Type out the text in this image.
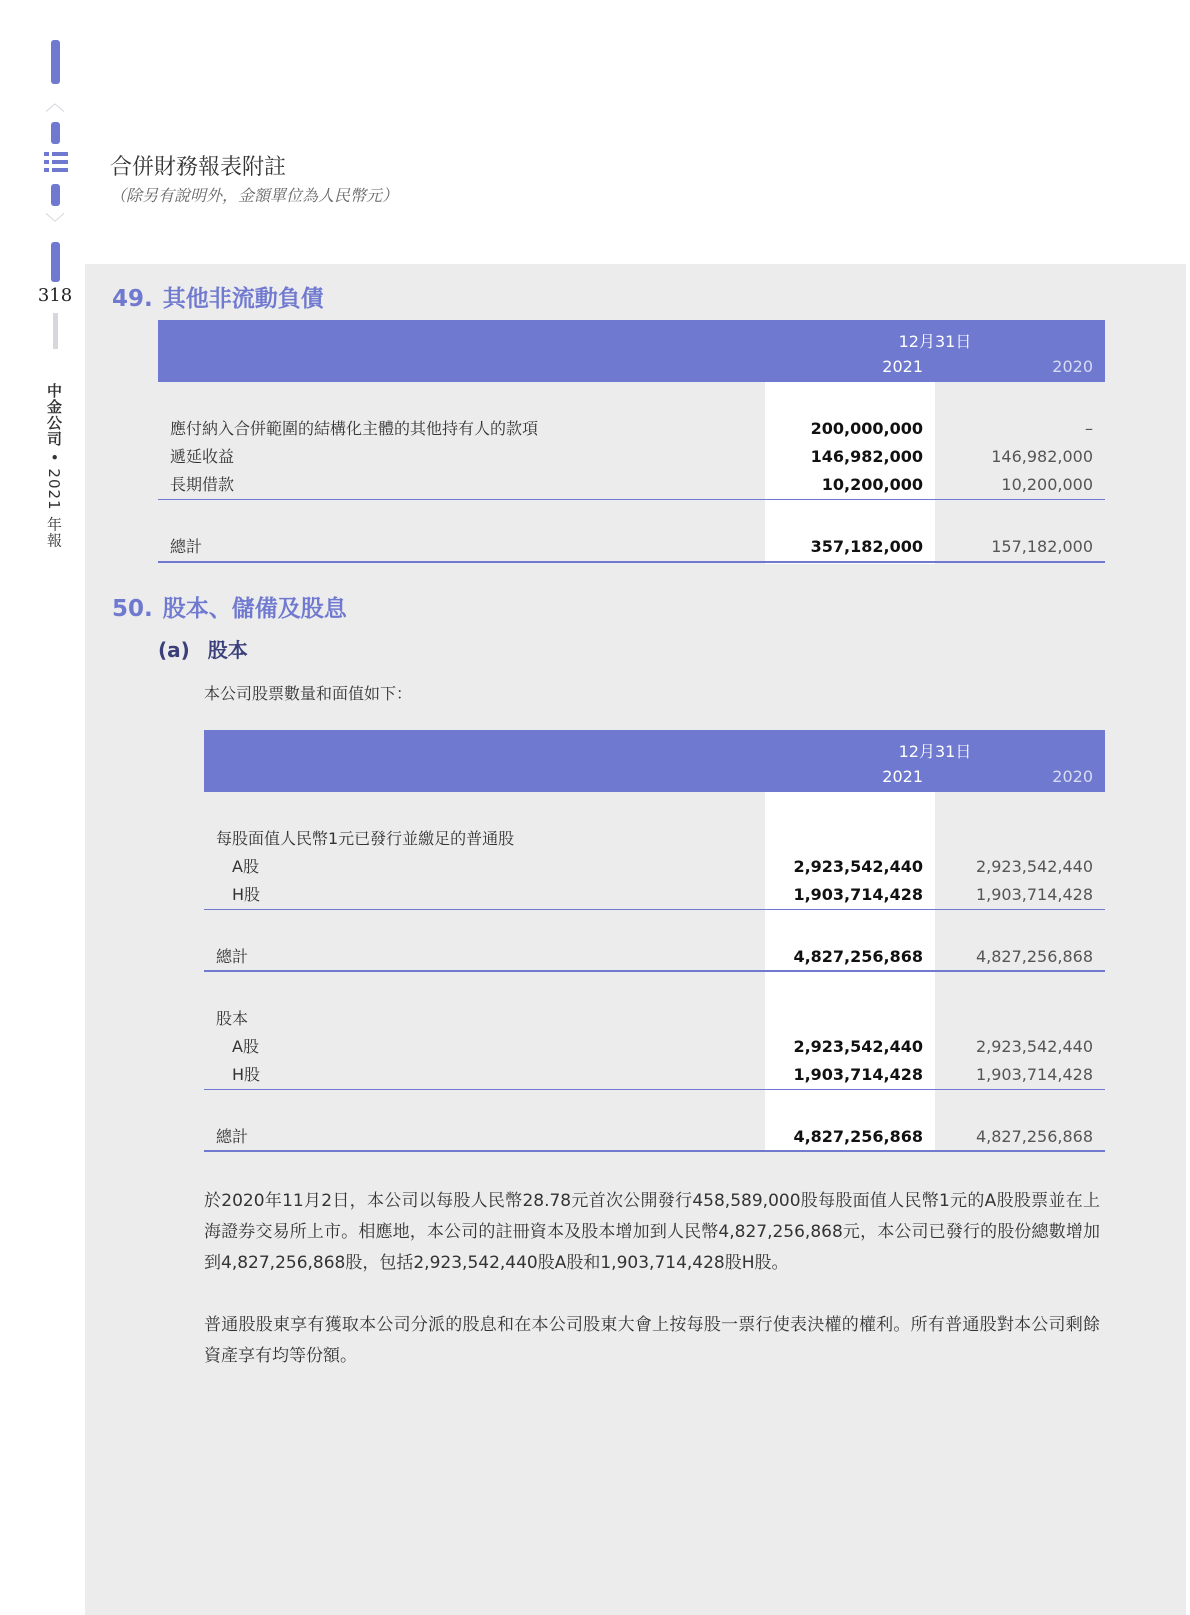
︿
﹀
318
中金公司 • 2021 年報
合併財務報表附註
（除另有說明外，金額單位為人民幣元）
49. 其他非流動負債
12月31日
2021	2020
應付納入合併範圍的結構化主體的其他持有人的款項	200,000,000	–
遞延收益	146,982,000	146,982,000
長期借款	10,200,000	10,200,000
總計	357,182,000	157,182,000
50. 股本、儲備及股息
(a) 股本
本公司股票數量和面值如下：
12月31日
2021	2020
每股面值人民幣1元已發行並繳足的普通股
A股	2,923,542,440	2,923,542,440
H股	1,903,714,428	1,903,714,428
總計	4,827,256,868	4,827,256,868
股本
A股	2,923,542,440	2,923,542,440
H股	1,903,714,428	1,903,714,428
總計	4,827,256,868	4,827,256,868
於2020年11月2日，本公司以每股人民幣28.78元首次公開發行458,589,000股每股面值人民幣1元的A股股票並在上海證券交易所上市。相應地，本公司的註冊資本及股本增加到人民幣4,827,256,868元，本公司已發行的股份總數增加到4,827,256,868股，包括2,923,542,440股A股和1,903,714,428股H股。
普通股股東享有獲取本公司分派的股息和在本公司股東大會上按每股一票行使表決權的權利。所有普通股對本公司剩餘資產享有均等份額。
